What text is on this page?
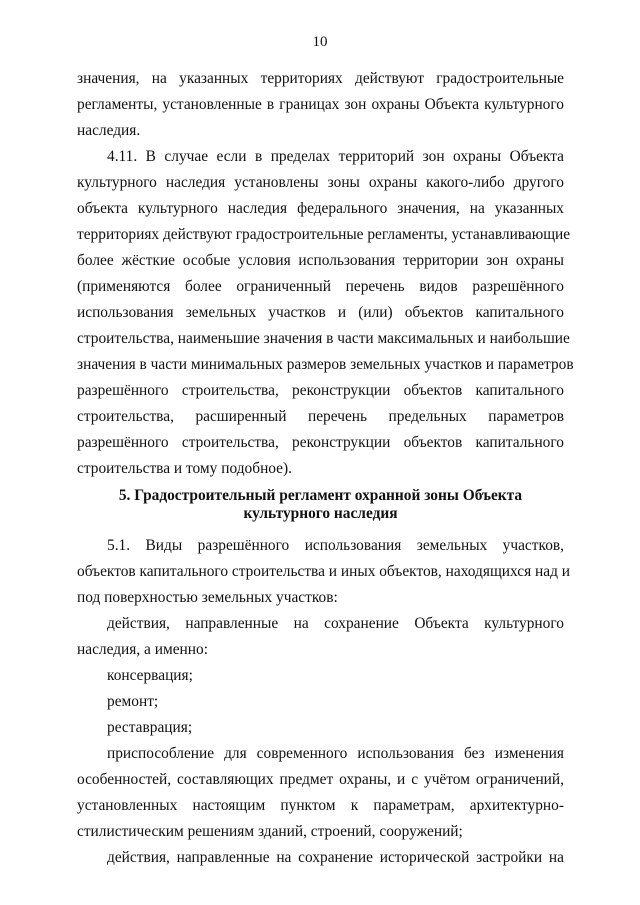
10
значения, на указанных территориях действуют градостроительные
регламенты, установленные в границах зон охраны Объекта культурного
наследия.
4.11. В случае если в пределах территорий зон охраны Объекта
культурного наследия установлены зоны охраны какого-либо другого
объекта культурного наследия федерального значения, на указанных
территориях действуют градостроительные регламенты, устанавливающие
более жёсткие особые условия использования территории зон охраны
(применяются более ограниченный перечень видов разрешённого
использования земельных участков и (или) объектов капитального
строительства, наименьшие значения в части максимальных и наибольшие
значения в части минимальных размеров земельных участков и параметров
разрешённого строительства, реконструкции объектов капитального
строительства, расширенный перечень предельных параметров
разрешённого строительства, реконструкции объектов капитального
строительства и тому подобное).
5. Градостроительный регламент охранной зоны Объекта
культурного наследия
5.1. Виды разрешённого использования земельных участков,
объектов капитального строительства и иных объектов, находящихся над и
под поверхностью земельных участков:
действия, направленные на сохранение Объекта культурного
наследия, а именно:
консервация;
ремонт;
реставрация;
приспособление для современного использования без изменения
особенностей, составляющих предмет охраны, и с учётом ограничений,
установленных настоящим пунктом к параметрам, архитектурно-
стилистическим решениям зданий, строений, сооружений;
действия, направленные на сохранение исторической застройки на
